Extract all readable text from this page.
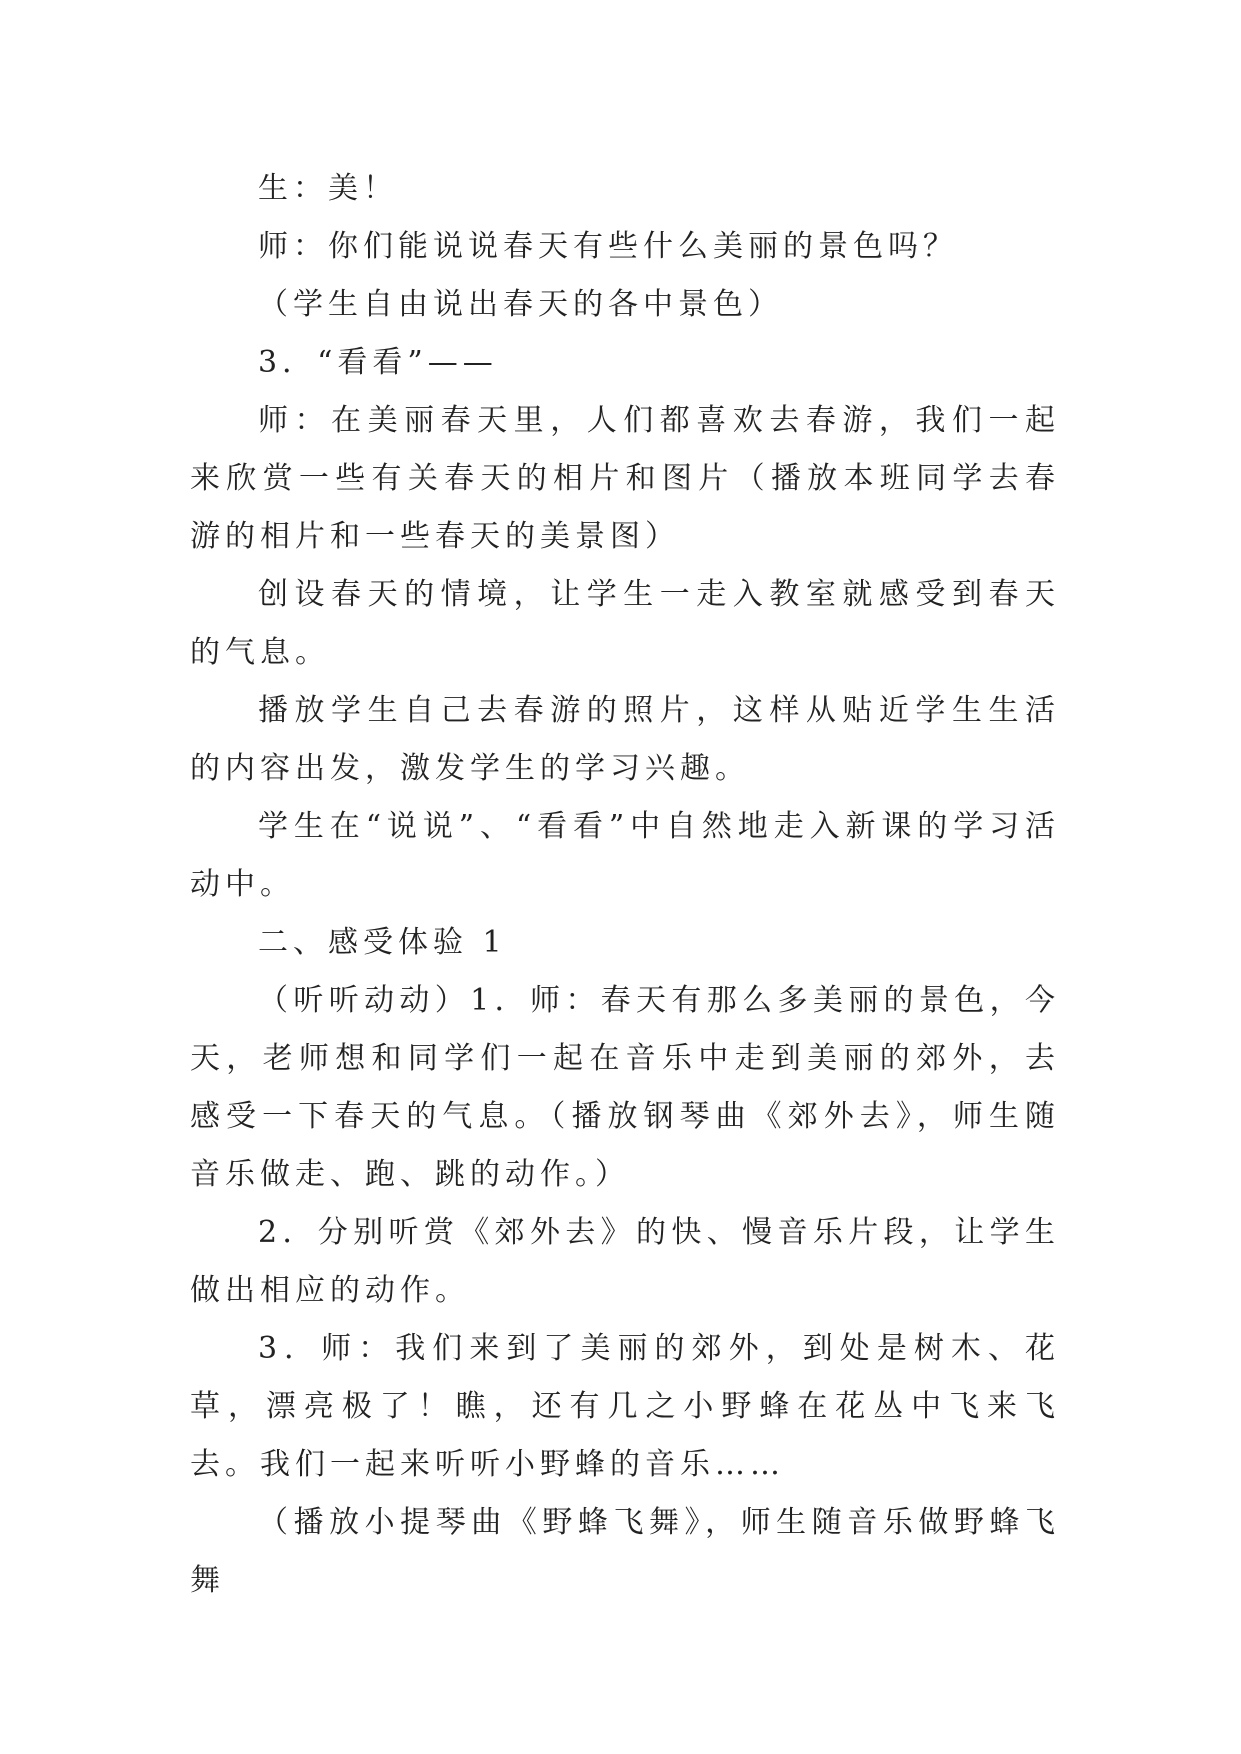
生：美！

师：你们能说说春天有些什么美丽的景色吗？

（学生自由说出春天的各中景色）

3．“看看”——

师：在美丽春天里，人们都喜欢去春游，我们一起来欣赏一些有关春天的相片和图片（播放本班同学去春游的相片和一些春天的美景图）

创设春天的情境，让学生一走入教室就感受到春天的气息。

播放学生自己去春游的照片，这样从贴近学生生活的内容出发，激发学生的学习兴趣。

学生在“说说”、“看看”中自然地走入新课的学习活动中。

二、感受体验 1

（听听动动）1．师：春天有那么多美丽的景色，今天，老师想和同学们一起在音乐中走到美丽的郊外，去感受一下春天的气息。（播放钢琴曲《郊外去》，师生随音乐做走、跑、跳的动作。）

2．分别听赏《郊外去》的快、慢音乐片段，让学生做出相应的动作。

3．师：我们来到了美丽的郊外，到处是树木、花草，漂亮极了！瞧，还有几之小野蜂在花丛中飞来飞去。我们一起来听听小野蜂的音乐……

（播放小提琴曲《野蜂飞舞》，师生随音乐做野蜂飞舞
